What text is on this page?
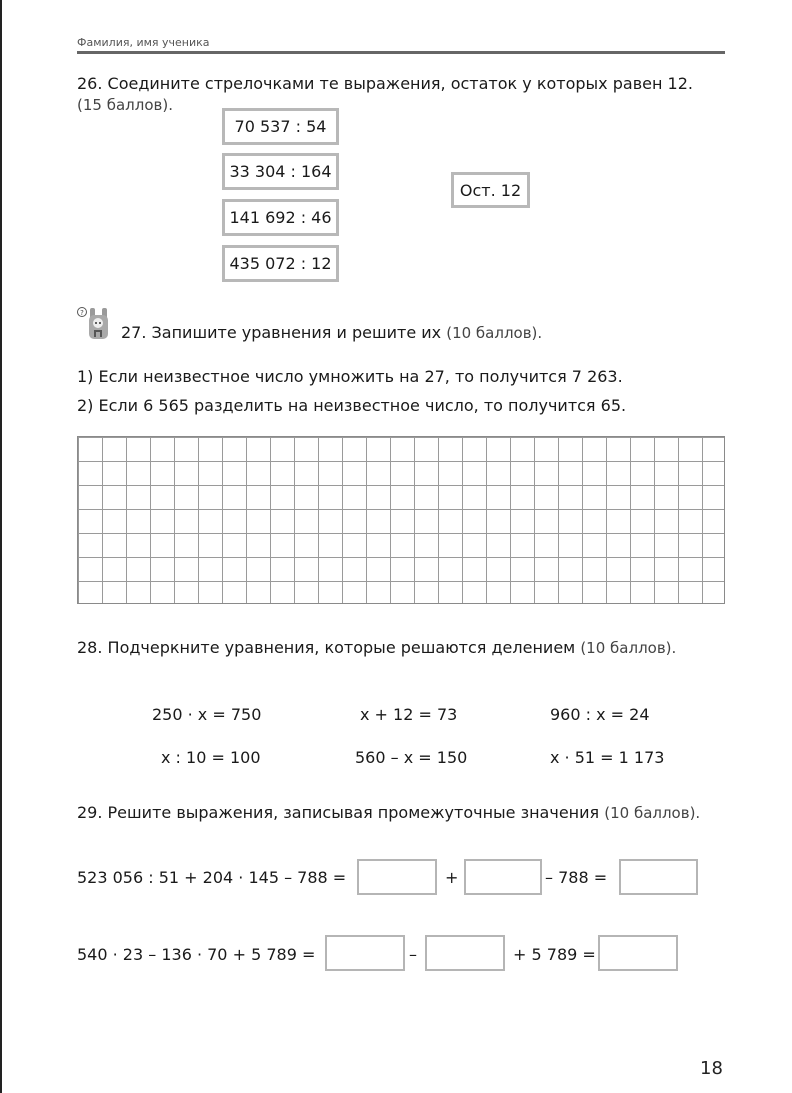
Фамилия, имя ученика
26. Соедините стрелочками те выражения, остаток у которых равен 12.
(15 баллов).
70 537 : 54
33 304 : 164
141 692 : 46
435 072 : 12
Ост. 12
?
27. Запишите уравнения и решите их (10 баллов).
1) Если неизвестное число умножить на 27, то получится 7 263.
2) Если 6 565 разделить на неизвестное число, то получится 65.
28. Подчеркните уравнения, которые решаются делением (10 баллов).
250 · x = 750	x + 12 = 73	960 : x = 24
x : 10 = 100	560 – x = 150	x · 51 = 1 173
29. Решите выражения, записывая промежуточные значения (10 баллов).
523 056 : 51 + 204 · 145 – 788 =	+	– 788 =
540 · 23 – 136 · 70 + 5 789 =	–	+ 5 789 =
18
